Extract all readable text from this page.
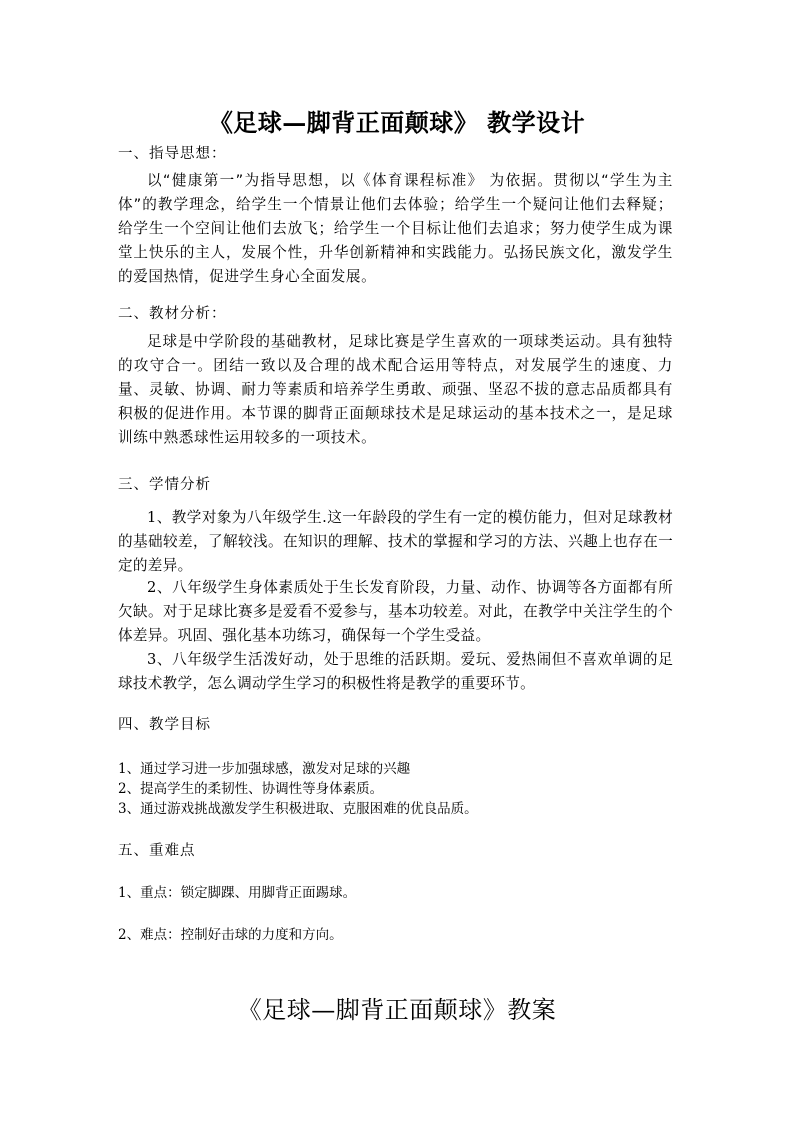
《足球—脚背正面颠球》 教学设计
一、指导思想：

以“健康第一”为指导思想，以《体育课程标准》 为依据。贯彻以“学生为主体”的教学理念，给学生一个情景让他们去体验；给学生一个疑问让他们去释疑；给学生一个空间让他们去放飞；给学生一个目标让他们去追求；努力使学生成为课堂上快乐的主人，发展个性，升华创新精神和实践能力。弘扬民族文化，激发学生的爱国热情，促进学生身心全面发展。

二、教材分析：

足球是中学阶段的基础教材，足球比赛是学生喜欢的一项球类运动。具有独特的攻守合一。团结一致以及合理的战术配合运用等特点，对发展学生的速度、力量、灵敏、协调、耐力等素质和培养学生勇敢、顽强、坚忍不拔的意志品质都具有积极的促进作用。本节课的脚背正面颠球技术是足球运动的基本技术之一，是足球训练中熟悉球性运用较多的一项技术。

三、学情分析

1、教学对象为八年级学生.这一年龄段的学生有一定的模仿能力，但对足球教材的基础较差，了解较浅。在知识的理解、技术的掌握和学习的方法、兴趣上也存在一定的差异。

2、八年级学生身体素质处于生长发育阶段，力量、动作、协调等各方面都有所欠缺。对于足球比赛多是爱看不爱参与，基本功较差。对此，在教学中关注学生的个体差异。巩固、强化基本功练习，确保每一个学生受益。

3、八年级学生活泼好动，处于思维的活跃期。爱玩、爱热闹但不喜欢单调的足球技术教学，怎么调动学生学习的积极性将是教学的重要环节。

四、教学目标
1、通过学习进一步加强球感，激发对足球的兴趣
2、提高学生的柔韧性、协调性等身体素质。
3、通过游戏挑战激发学生积极进取、克服困难的优良品质。
五、重难点
1、重点：锁定脚踝、用脚背正面踢球。
2、难点：控制好击球的力度和方向。
《足球—脚背正面颠球》教案
